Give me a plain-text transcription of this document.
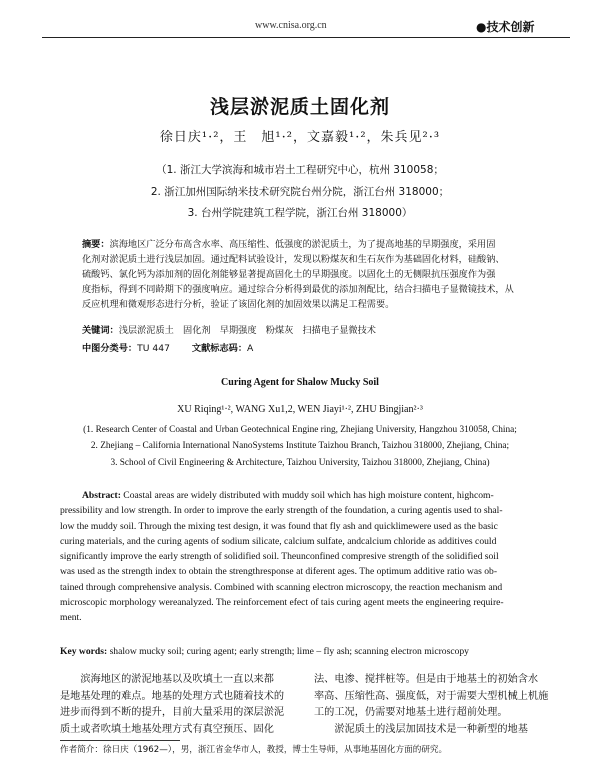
www.cnisa.org.cn	●技术创新
浅层淤泥质土固化剂
徐日庆¹·²，王　旭¹·²，文嘉毅¹·²，朱兵见²·³
（1. 浙江大学滨海和城市岩土工程研究中心，杭州 310058；
2. 浙江加州国际纳米技术研究院台州分院，浙江台州 318000；
3. 台州学院建筑工程学院，浙江台州 318000）
摘要：滨海地区广泛分布高含水率、高压缩性、低强度的淤泥质土，为了提高地基的早期强度，采用固
化剂对淤泥质土进行浅层加固。通过配料试验设计，发现以粉煤灰和生石灰作为基础固化材料，硅酸钠、
硫酸钙、氯化钙为添加剂的固化剂能够显著提高固化土的早期强度。以固化土的无侧限抗压强度作为强
度指标，得到不同龄期下的强度响应。通过综合分析得到最优的添加剂配比，结合扫描电子显微镜技术，从
反应机理和微观形态进行分析，验证了该固化剂的加固效果以满足工程需要。
关键词：浅层淤泥质土　固化剂　早期强度　粉煤灰　扫描电子显微技术
中图分类号：TU 447 文献标志码：A
Curing Agent for Shalow Mucky Soil
XU Riqing¹·², WANG Xu1,2, WEN Jiayi¹·², ZHU Bingjian²·³
(1. Research Center of Coastal and Urban Geotechnical Engine ring, Zhejiang University, Hangzhou 310058, China;
2. Zhejiang – California International NanoSystems Institute Taizhou Branch, Taizhou 318000, Zhejiang, China;
3. School of Civil Engineering & Architecture, Taizhou University, Taizhou 318000, Zhejiang, China)
Abstract: Coastal areas are widely distributed with muddy soil which has high moisture content, highcom-
pressibility and low strength. In order to improve the early strength of the foundation, a curing agentis used to shal-
low the muddy soil. Through the mixing test design, it was found that fly ash and quicklimewere used as the basic
curing materials, and the curing agents of sodium silicate, calcium sulfate, andcalcium chloride as additives could
significantly improve the early strength of solidified soil. Theunconfined compresive strength of the solidified soil
was used as the strength index to obtain the strengthresponse at diferent ages. The optimum additive ratio was ob-
tained through comprehensive analysis. Combined with scanning electron microscopy, the reaction mechanism and
microscopic morphology wereanalyzed. The reinforcement efect of tais curing agent meets the engineering require-
ment.
Key words: shalow mucky soil; curing agent; early strength; lime – fly ash; scanning electron microscopy
　　滨海地区的淤泥地基以及吹填土一直以来都
是地基处理的难点。地基的处理方式也随着技术的
进步而得到不断的提升，目前大量采用的深层淤泥
质土或者吹填土地基处理方式有真空预压、固化
法、电渗、搅拌桩等。但是由于地基土的初始含水
率高、压缩性高、强度低，对于需要大型机械上机施
工的工况，仍需要对地基土进行超前处理。
　　淤泥质土的浅层加固技术是一种新型的地基
作者简介：徐日庆（1962—），男，浙江省金华市人，教授，博士生导师，从事地基固化方面的研究。
